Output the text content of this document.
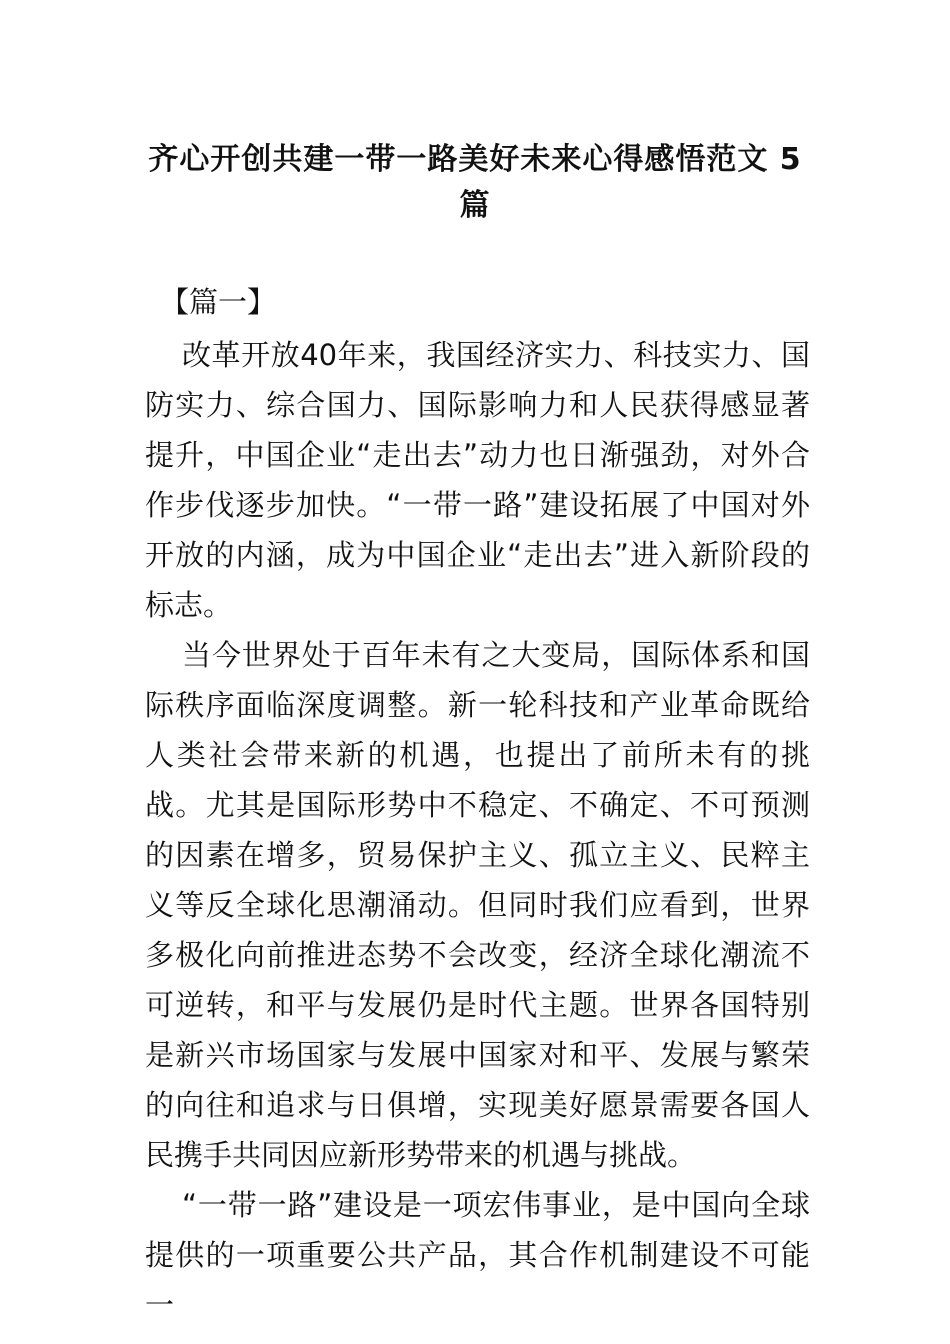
齐心开创共建一带一路美好未来心得感悟范文 5
篇

【篇一】

改革开放40年来，我国经济实力、科技实力、国防实力、综合国力、国际影响力和人民获得感显著提升，中国企业“走出去”动力也日渐强劲，对外合作步伐逐步加快。“一带一路”建设拓展了中国对外开放的内涵，成为中国企业“走出去”进入新阶段的标志。

当今世界处于百年未有之大变局，国际体系和国际秩序面临深度调整。新一轮科技和产业革命既给人类社会带来新的机遇，也提出了前所未有的挑战。尤其是国际形势中不稳定、不确定、不可预测的因素在增多，贸易保护主义、孤立主义、民粹主义等反全球化思潮涌动。但同时我们应看到，世界多极化向前推进态势不会改变，经济全球化潮流不可逆转，和平与发展仍是时代主题。世界各国特别是新兴市场国家与发展中国家对和平、发展与繁荣的向往和追求与日俱增，实现美好愿景需要各国人民携手共同因应新形势带来的机遇与挑战。

“一带一路”建设是一项宏伟事业，是中国向全球提供的一项重要公共产品，其合作机制建设不可能一
